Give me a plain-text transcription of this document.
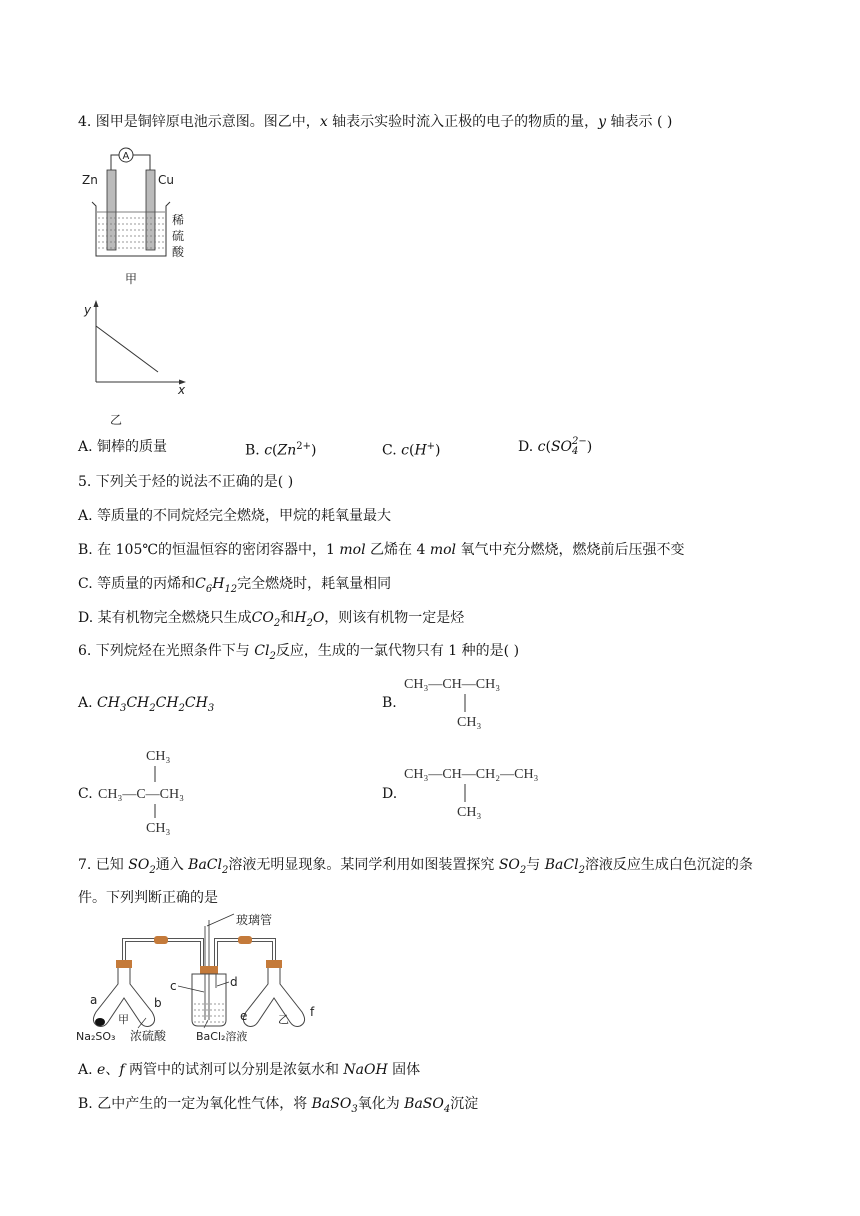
4. 图甲是铜锌原电池示意图。图乙中，x 轴表示实验时流入正极的电子的物质的量，y 轴表示 ( )
A
Zn	Cu
稀
硫
酸
甲
y
x
乙
A. 铜棒的质量	B. $c(Zn^{2+})$	C. c(H+)	D. c(SO 2−
4 )
5. 下列关于烃的说法不正确的是( )
A. 等质量的不同烷烃完全燃烧，甲烷的耗氧量最大
B. 在 105℃的恒温恒容的密闭容器中，1 mol 乙烯在 4 mol 氧气中充分燃烧，燃烧前后压强不变
C. 等质量的丙烯和$C_6H_{12}$完全燃烧时，耗氧量相同
D. 某有机物完全燃烧只生成$CO_2$和$H_2O$，则该有机物一定是烃
6. 下列烷烃在光照条件下与 $Cl_2$反应，生成的一氯代物只有 1 种的是( )
A. $CH_3CH_2CH_2CH_3$	B.
CH₃—CH—CH₃
CH₃
C.
CH₃
CH₃—C—CH₃
CH₃
D.
CH₃—CH—CH₂—CH₃
CH₃
7. 已知 $SO_2$通入 BaCl$_2$溶液无明显现象。某同学利用如图装置探究 $SO_2$与 BaCl$_2$溶液反应生成白色沉淀的条
件。下列判断正确的是
玻璃管
a	b
甲
Na₂SO₃ 浓硫酸
c	d
BaCl₂溶液
e	乙
f
A. e、f 两管中的试剂可以分别是浓氨水和 NaOH 固体
B. 乙中产生的一定为氧化性气体，将 BaSO$_3$氧化为 BaSO$_4$沉淀
